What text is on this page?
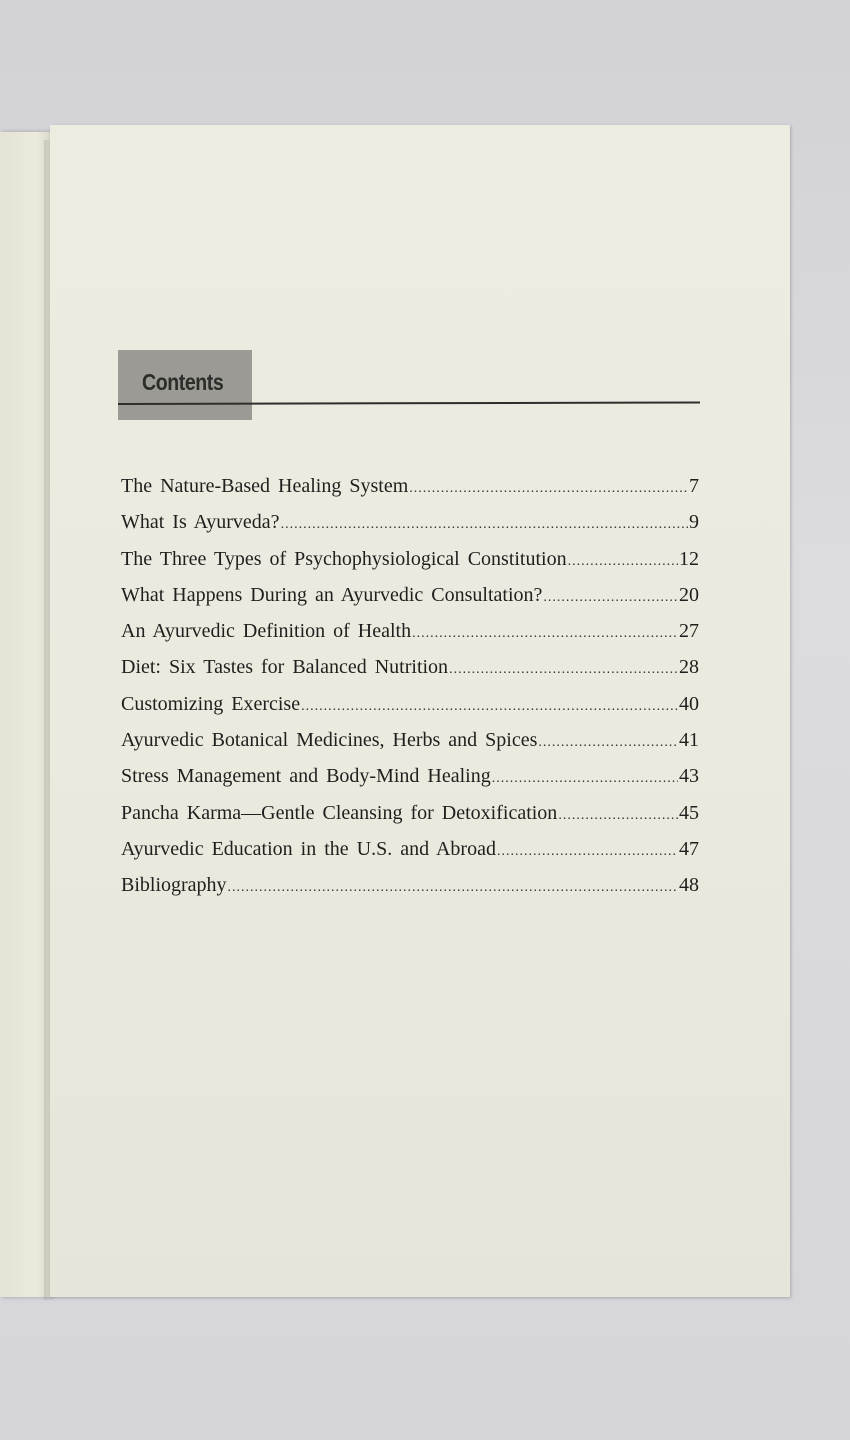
Contents
The Nature-Based Healing System .....	7
What Is Ayurveda? .....	9
The Three Types of Psychophysiological Constitution .....	12
What Happens During an Ayurvedic Consultation? .....	20
An Ayurvedic Definition of Health .....	27
Diet: Six Tastes for Balanced Nutrition .....	28
Customizing Exercise .....	40
Ayurvedic Botanical Medicines, Herbs and Spices .....	41
Stress Management and Body-Mind Healing .....	43
Pancha Karma—Gentle Cleansing for Detoxification .....	45
Ayurvedic Education in the U.S. and Abroad .....	47
Bibliography .....	48
